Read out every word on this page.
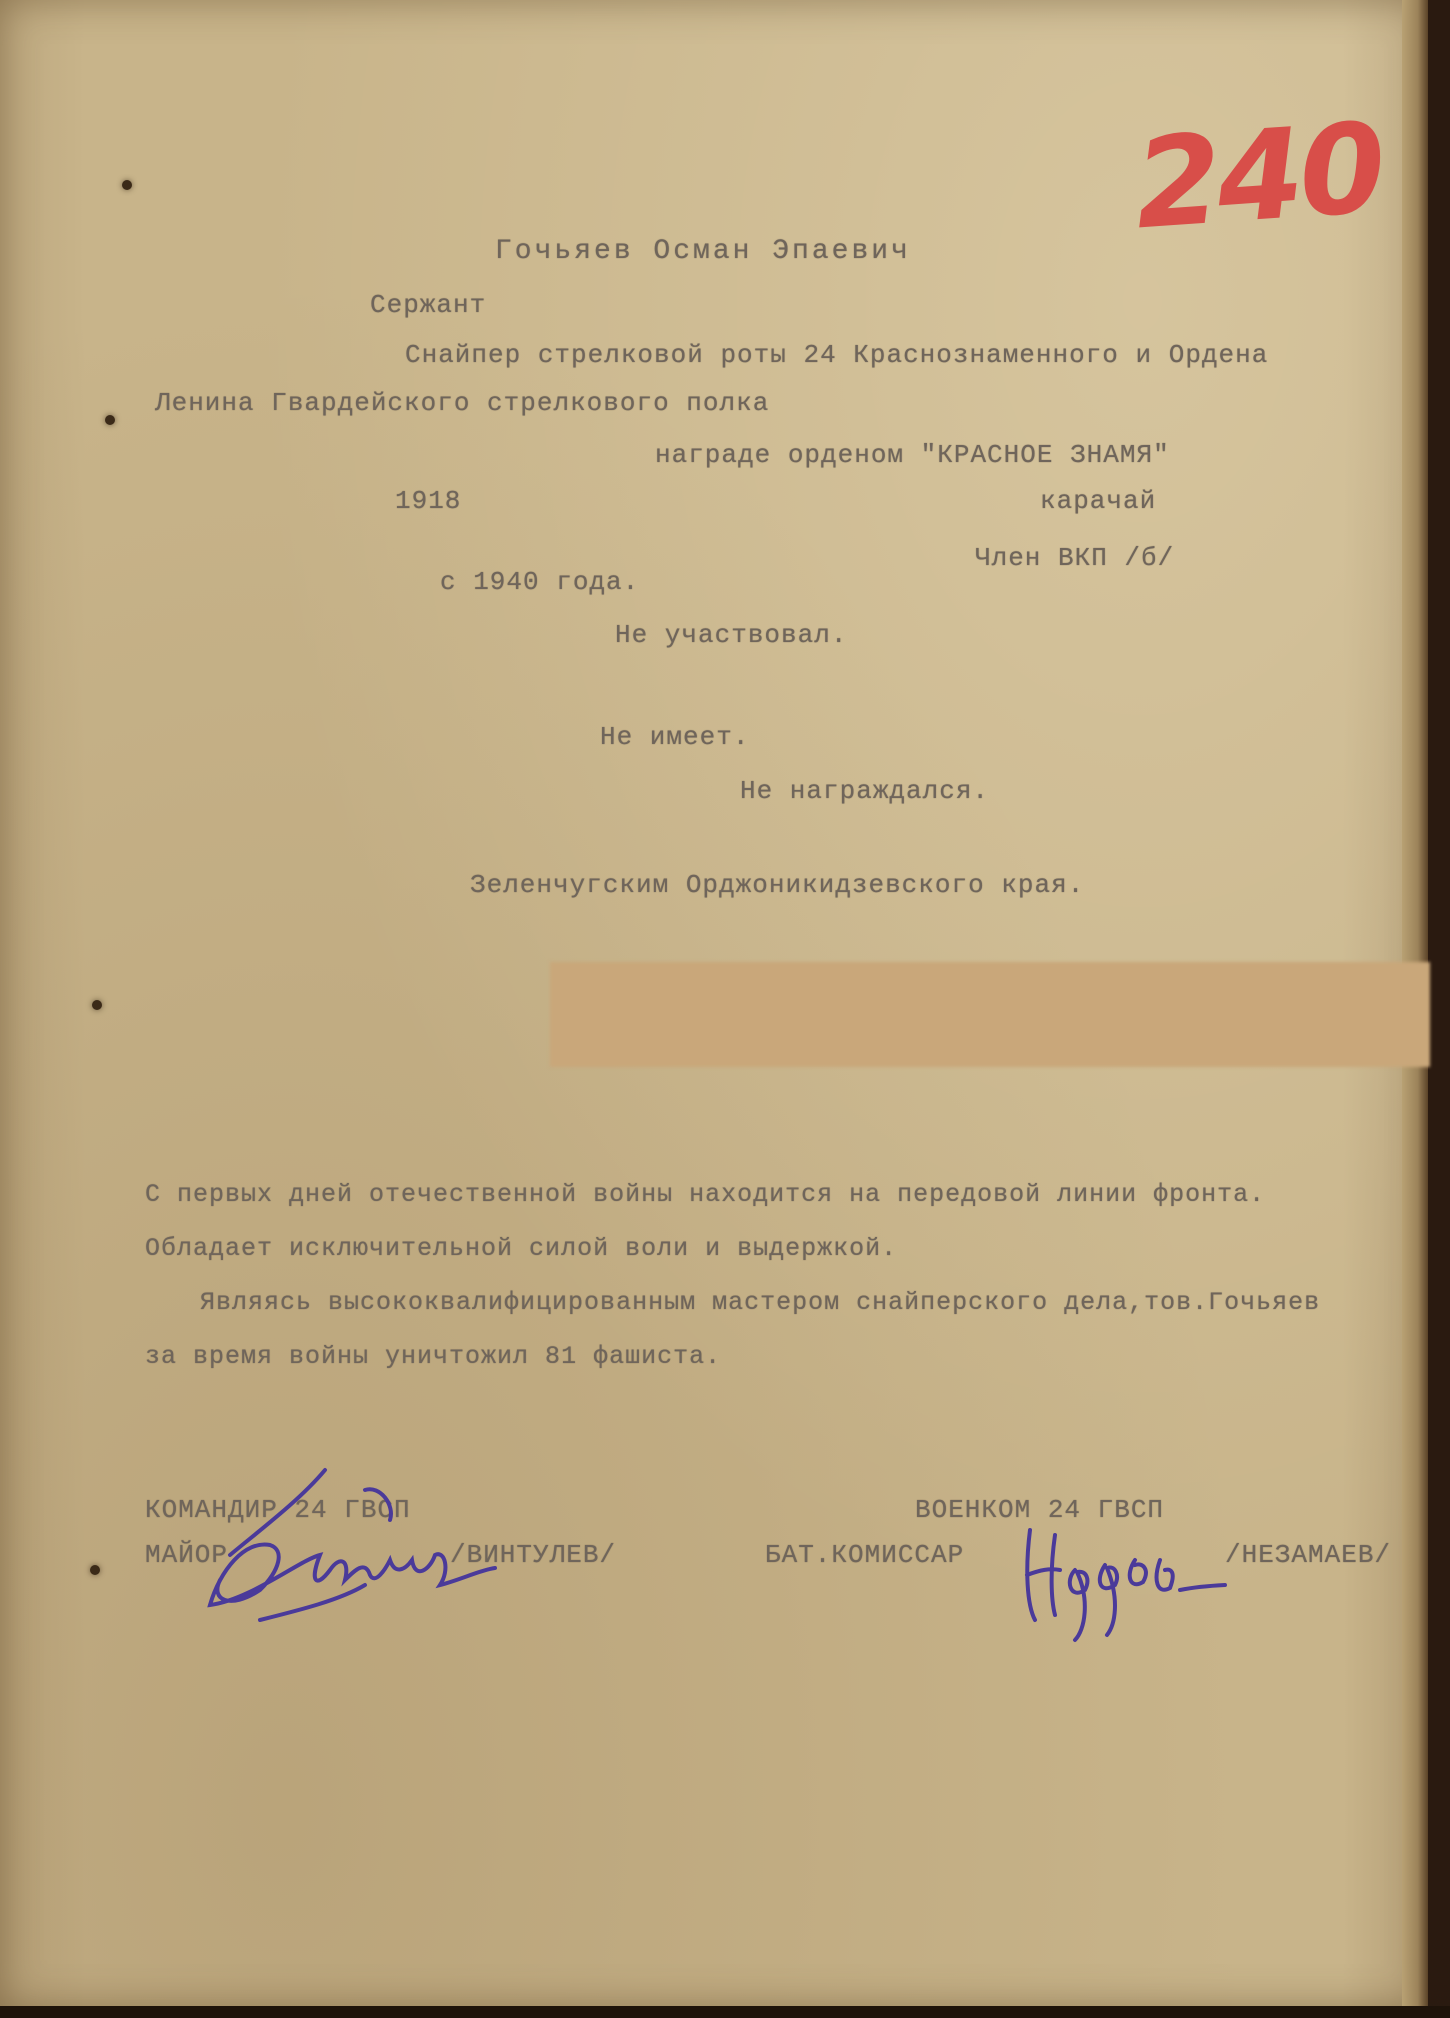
240
Гочьяев Осман Эпаевич
Сержант
Снайпер стрелковой роты 24 Краснознаменного и Ордена
Ленина Гвардейского стрелкового полка
награде орденом "КРАСНОЕ ЗНАМЯ"
1918	карачай
Член ВКП /б/
с 1940 года.
Не участвовал.
Не имеет.
Не награждался.
Зеленчугским Орджоникидзевского края.
С первых дней отечественной войны находится на передовой линии фронта.
Обладает исключительной силой воли и выдержкой.
Являясь высококвалифицированным мастером снайперского дела,тов.Гочьяев
за время войны уничтожил 81 фашиста.
КОМАНДИР 24 ГВСП
МАЙОР	/ВИНТУЛЕВ/
ВОЕНКОМ 24 ГВСП
БАТ.КОМИССАР	/НЕЗАМАЕВ/
